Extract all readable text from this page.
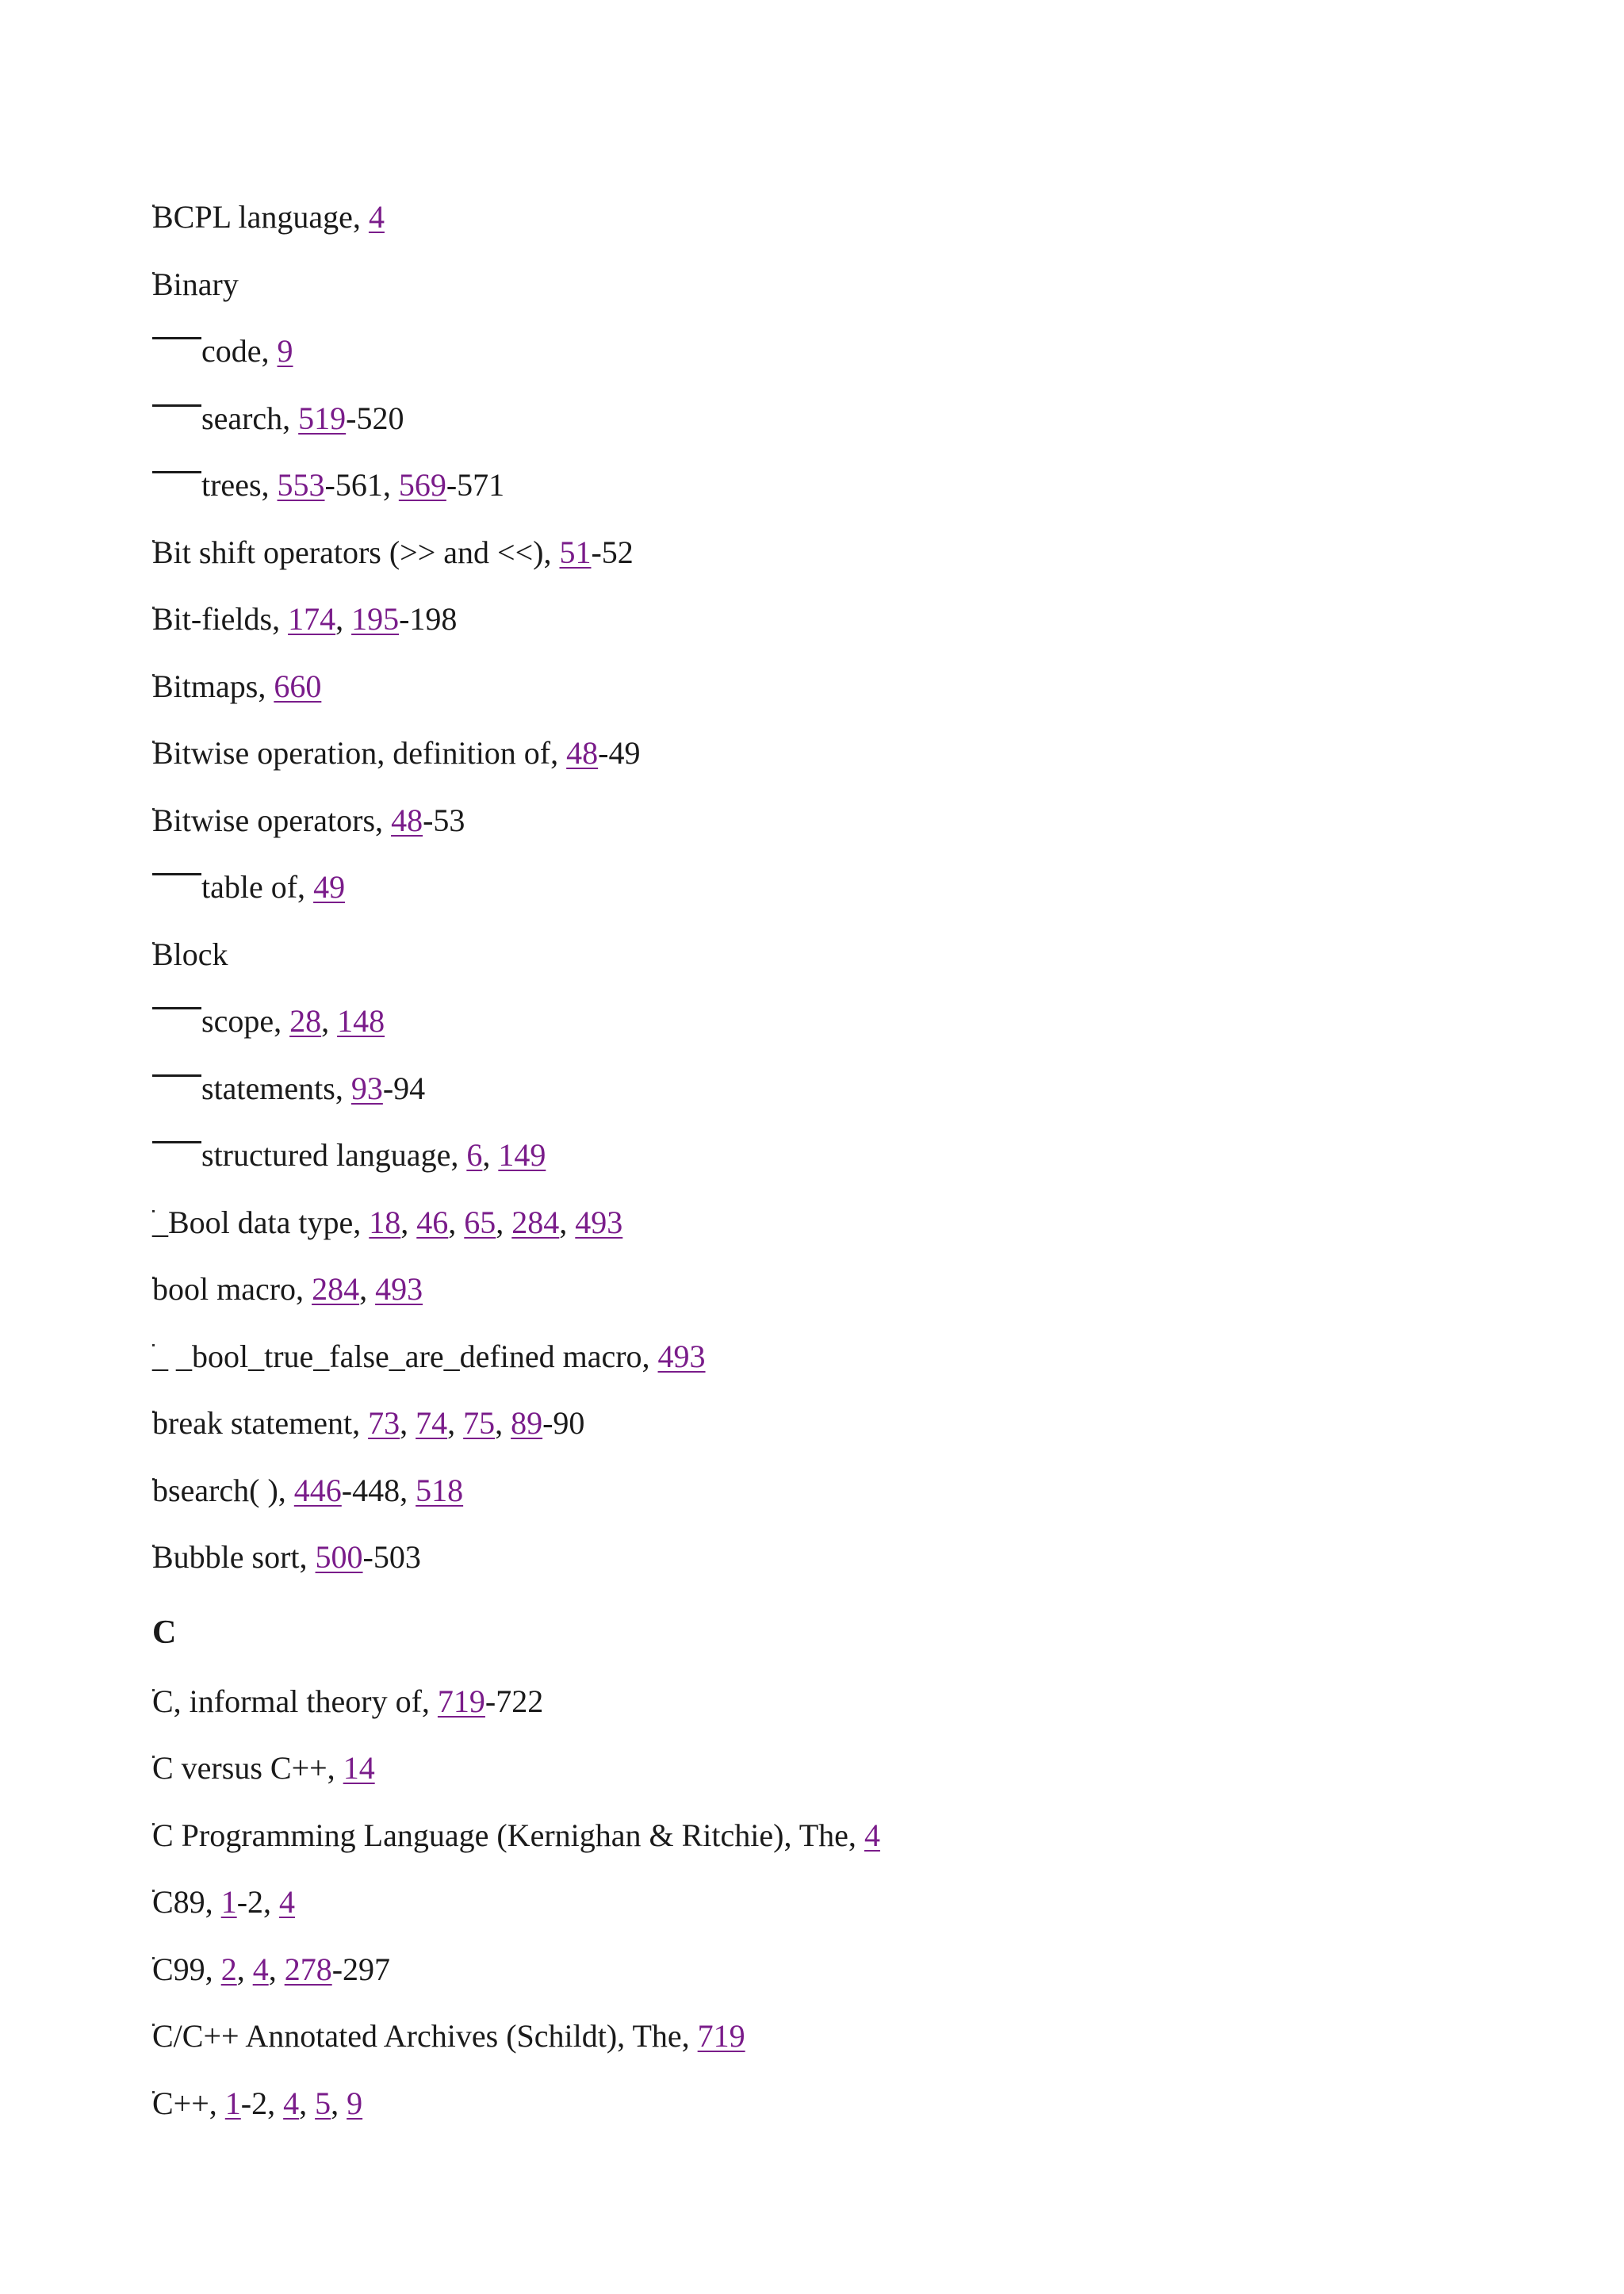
BCPL language, 4
Binary
code, 9
search, 519-520
trees, 553-561, 569-571
Bit shift operators (>> and <<), 51-52
Bit-fields, 174, 195-198
Bitmaps, 660
Bitwise operation, definition of, 48-49
Bitwise operators, 48-53
table of, 49
Block
scope, 28, 148
statements, 93-94
structured language, 6, 149
_Bool data type, 18, 46, 65, 284, 493
bool macro, 284, 493
_ _bool_true_false_are_defined macro, 493
break statement, 73, 74, 75, 89-90
bsearch( ), 446-448, 518
Bubble sort, 500-503
C
C, informal theory of, 719-722
C versus C++, 14
C Programming Language (Kernighan & Ritchie), The, 4
C89, 1-2, 4
C99, 2, 4, 278-297
C/C++ Annotated Archives (Schildt), The, 719
C++, 1-2, 4, 5, 9
